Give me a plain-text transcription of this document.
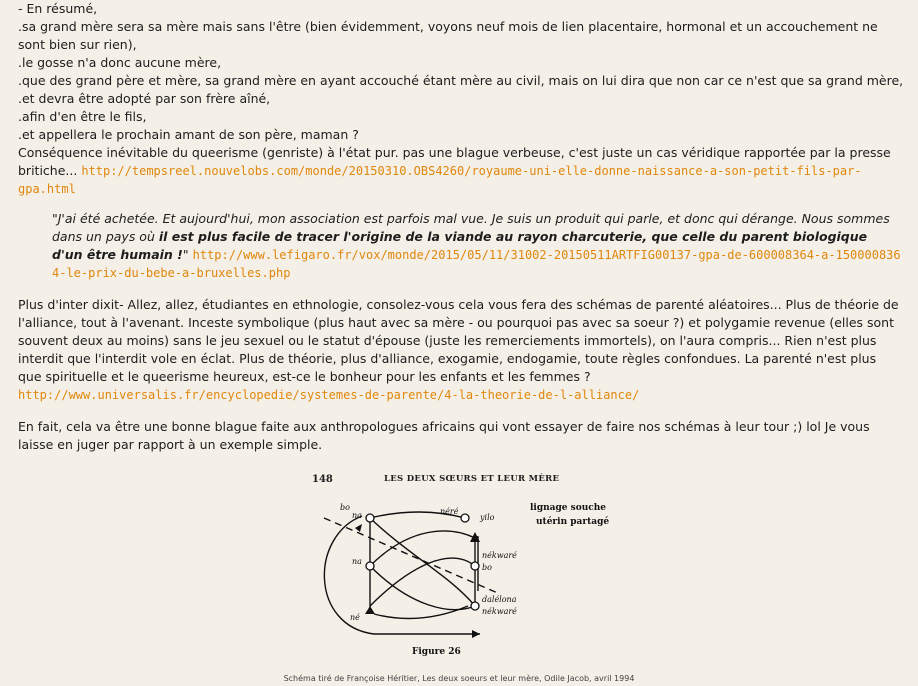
- En résumé,
.sa grand mère sera sa mère mais sans l'être (bien évidemment, voyons neuf mois de lien placentaire, hormonal et un accouchement ne sont bien sur rien),
.le gosse n'a donc aucune mère,
.que des grand père et mère, sa grand mère en ayant accouché étant mère au civil, mais on lui dira que non car ce n'est que sa grand mère,
.et devra être adopté par son frère aîné,
.afin d'en être le fils,
.et appellera le prochain amant de son père, maman ?
Conséquence inévitable du queerisme (genriste) à l'état pur. pas une blague verbeuse, c'est juste un cas véridique rapportée par la presse britiche... http://tempsreel.nouvelobs.com/monde/20150310.OBS4260/royaume-uni-elle-donne-naissance-a-son-petit-fils-par-gpa.html
"J'ai été achetée. Et aujourd'hui, mon association est parfois mal vue. Je suis un produit qui parle, et donc qui dérange. Nous sommes dans un pays où il est plus facile de tracer l'origine de la viande au rayon charcuterie, que celle du parent biologique d'un être humain !" http://www.lefigaro.fr/vox/monde/2015/05/11/31002-20150511ARTFIG00137-gpa-de-600008364-a-1500008364-le-prix-du-bebe-a-bruxelles.php
Plus d'inter dixit- Allez, allez, étudiantes en ethnologie, consolez-vous cela vous fera des schémas de parenté aléatoires... Plus de théorie de l'alliance, tout à l'avenant. Inceste symbolique (plus haut avec sa mère - ou pourquoi pas avec sa soeur ?) et polygamie revenue (elles sont souvent deux au moins) sans le jeu sexuel ou le statut d'épouse (juste les remerciements immortels), on l'aura compris... Rien n'est plus interdit que l'interdit vole en éclat. Plus de théorie, plus d'alliance, exogamie, endogamie, toute règles confondues. La parenté n'est plus que spirituelle et le queerisme heureux, est-ce le bonheur pour les enfants et les femmes ? http://www.universalis.fr/encyclopedie/systemes-de-parente/4-la-theorie-de-l-alliance/
En fait, cela va être une bonne blague faite aux anthropologues africains qui vont essayer de faire nos schémas à leur tour ;) lol Je vous laisse en juger par rapport à un exemple simple.
148	LES DEUX SŒURS ET LEUR MÈRE
bo
na	néré
yilo
na
nékwaré
bo
dalélona
nékwaré
né
lignage souche
utérin partagé
Figure 26
Schéma tiré de Françoise Héritier, Les deux soeurs et leur mère, Odile Jacob, avril 1994
